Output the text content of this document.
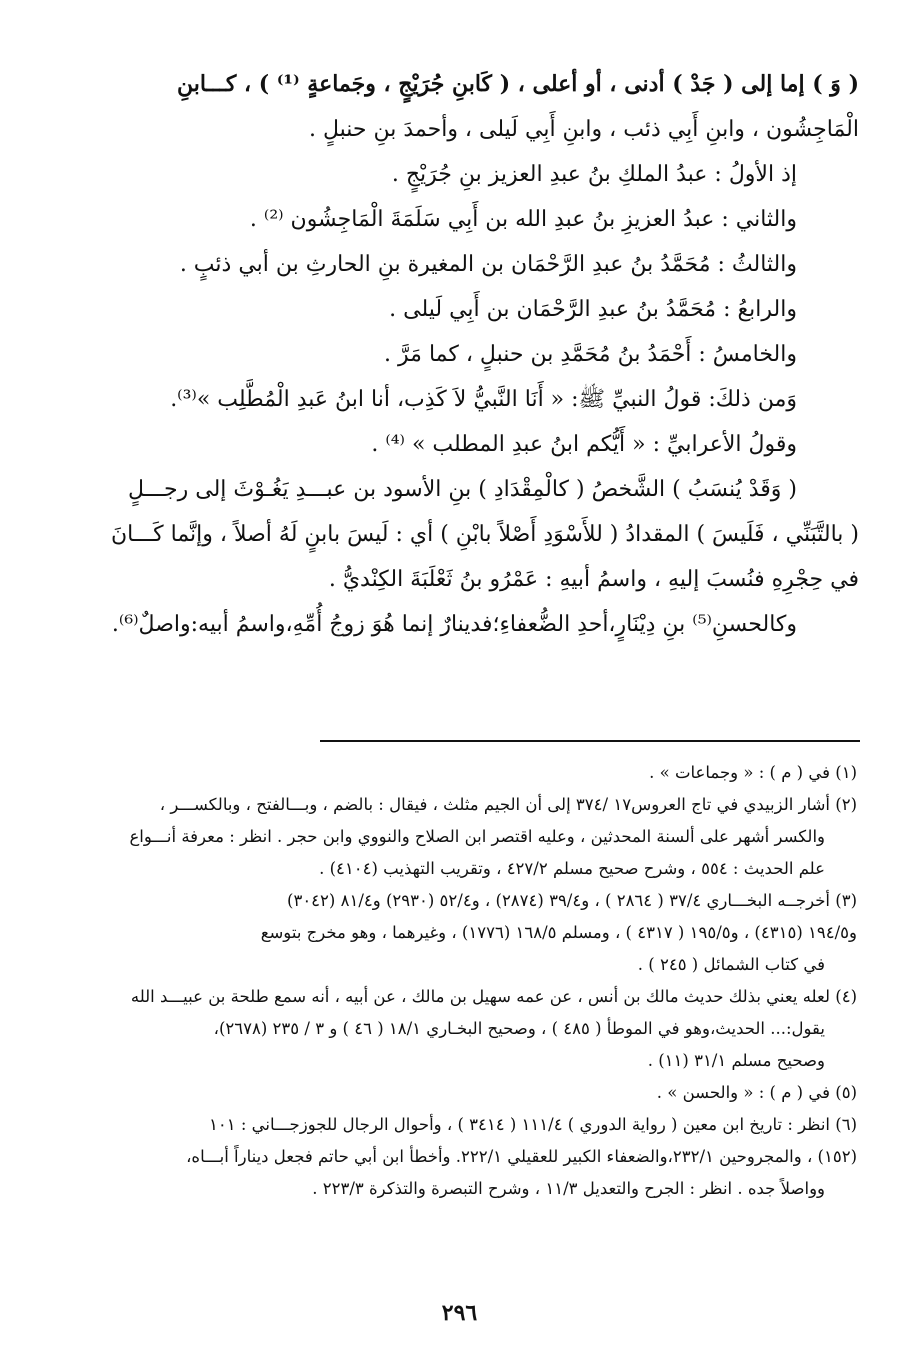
( وَ ) إما إلى ( جَدْ ) أدنى ، أو أعلى ، ( كَابنِ جُرَيْجٍ ، وجَماعةٍ ⁽¹⁾ ) ، كـــابنِ

الْمَاجِشُون ، وابنِ أَبِي ذئب ، وابنِ أَبِي لَيلى ، وأحمدَ بنِ حنبلٍ .

إذ الأولُ : عبدُ الملكِ بنُ عبدِ العزيز بنِ جُرَيْجٍ .

والثاني : عبدُ العزيزِ بنُ عبدِ الله بن أَبِي سَلَمَةَ الْمَاجِشُون ⁽²⁾ .

والثالثُ : مُحَمَّدُ بنُ عبدِ الرَّحْمَان بن المغيرة بنِ الحارثِ بن أبي ذئبٍ .

والرابعُ : مُحَمَّدُ بنُ عبدِ الرَّحْمَان بن أَبِي لَيلى .

والخامسُ : أَحْمَدُ بنُ مُحَمَّدِ بن حنبلٍ ، كما مَرَّ .

وَمن ذلكَ: قولُ النبيِّ ﷺ: « أَنَا النَّبيُّ لاَ كَذِب، أنا ابنُ عَبدِ الْمُطَّلِب »⁽³⁾.

وقولُ الأعرابيِّ : « أَيُّكم ابنُ عبدِ المطلب » ⁽⁴⁾ .

( وَقَدْ يُنسَبُ ) الشَّخصُ ( كالْمِقْدَادِ ) بنِ الأسود بن عبـــدِ يَغُـوْثَ إلى رجـــلٍ

( بالتَّبَنِّي ، فَلَيسَ ) المقدادُ ( للأَسْوَدِ أَصْلاً بابْنِ ) أي : لَيسَ بابنٍ لَهُ أصلاً ، وإنَّما كَـــانَ

في حِجْرِهِ فنُسبَ إليهِ ، واسمُ أبيهِ : عَمْرُو بنُ ثَعْلَبَةَ الكِنْديُّ .

وكالحسنِ⁽⁵⁾ بنِ دِيْنَارٍ،أحدِ الضُّعفاءِ؛فدينارٌ إنما هُوَ زوجُ أُمِّهِ،واسمُ أبيه:واصلٌ⁽⁶⁾.

(١) في ( م ) : « وجماعات » .

(٢) أشار الزبيدي في تاج العروس١٧ /٣٧٤ إلى أن الجيم مثلث ، فيقال : بالضم ، وبـــالفتح ، وبالكســـر ،

والكسر أشهر على ألسنة المحدثين ، وعليه اقتصر ابن الصلاح والنووي وابن حجر . انظر : معرفة أنـــواع

علم الحديث : ٥٥٤ ، وشرح صحيح مسلم ٤٢٧/٢ ، وتقريب التهذيب (٤١٠٤) .

(٣) أخرجــه البخـــاري ٣٧/٤ ( ٢٨٦٤ ) ، و٣٩/٤ (٢٨٧٤) ، و٥٢/٤ (٢٩٣٠) و٨١/٤ (٣٠٤٢)

و١٩٤/٥ (٤٣١٥) ، و١٩٥/٥ ( ٤٣١٧ ) ، ومسلم ١٦٨/٥ (١٧٧٦) ، وغيرهما ، وهو مخرج بتوسع

في كتاب الشمائل ( ٢٤٥ ) .

(٤) لعله يعني بذلك حديث مالك بن أنس ، عن عمه سهيل بن مالك ، عن أبيه ، أنه سمع طلحة بن عبيـــد الله

يقول:... الحديث،وهو في الموطأ ( ٤٨٥ ) ، وصحيح البخـاري ١٨/١ ( ٤٦ ) و ٣ / ٢٣٥ (٢٦٧٨)،

وصحيح مسلم ٣١/١ (١١) .

(٥) في ( م ) : « والحسن » .

(٦) انظر : تاريخ ابن معين ( رواية الدوري ) ١١١/٤ ( ٣٤١٤ ) ، وأحوال الرجال للجوزجـــاني : ١٠١

(١٥٢) ، والمجروحين ٢٣٢/١،والضعفاء الكبير للعقيلي ٢٢٢/١. وأخطأ ابن أبي حاتم فجعل ديناراً أبـــاه،

وواصلاً جده . انظر : الجرح والتعديل ١١/٣ ، وشرح التبصرة والتذكرة ٢٢٣/٣ .

٢٩٦
